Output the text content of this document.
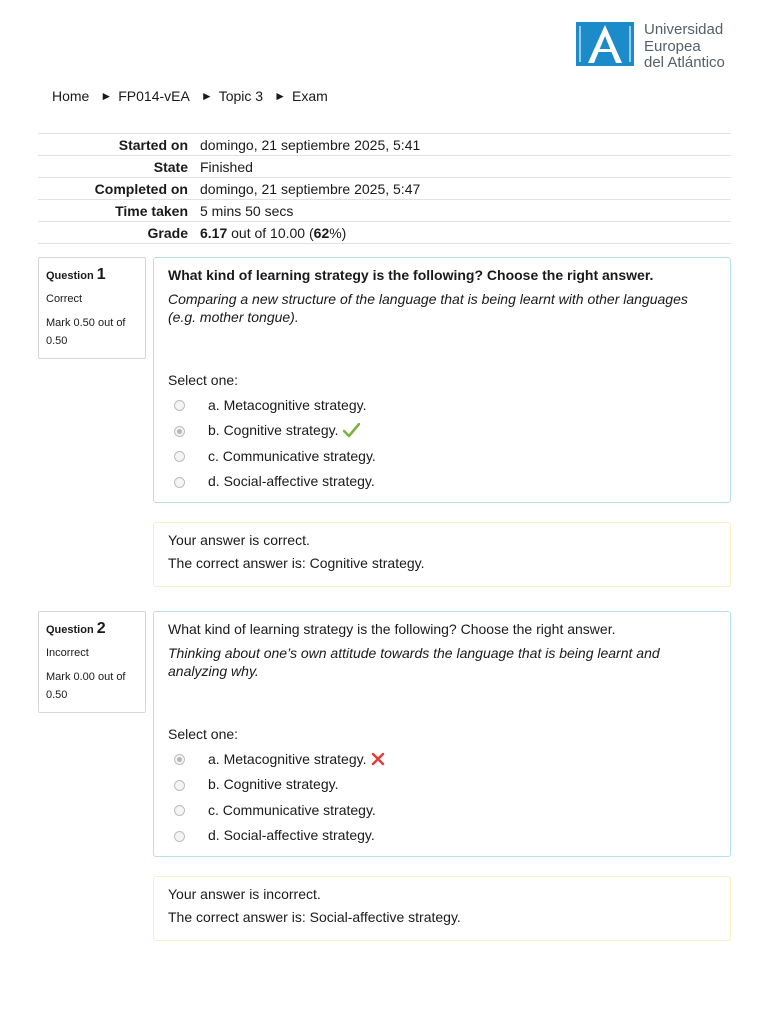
Universidad
Europea
del Atlántico
Home ► FP014-vEA ► Topic 3 ► Exam
Started on	domingo, 21 septiembre 2025, 5:41
State	Finished
Completed on	domingo, 21 septiembre 2025, 5:47
Time taken	5 mins 50 secs
Grade	6.17 out of 10.00 (62%)
Question 1
Correct
Mark 0.50 out of 0.50
What kind of learning strategy is the following? Choose the right answer.
Comparing a new structure of the language that is being learnt with other languages (e.g. mother tongue).
Select one:
a. Metacognitive strategy.
b. Cognitive strategy.
c. Communicative strategy.
d. Social-affective strategy.
Your answer is correct.
The correct answer is: Cognitive strategy.
Question 2
Incorrect
Mark 0.00 out of 0.50
What kind of learning strategy is the following? Choose the right answer.
Thinking about one’s own attitude towards the language that is being learnt and analyzing why.
Select one:
a. Metacognitive strategy.
b. Cognitive strategy.
c. Communicative strategy.
d. Social-affective strategy.
Your answer is incorrect.
The correct answer is: Social-affective strategy.
